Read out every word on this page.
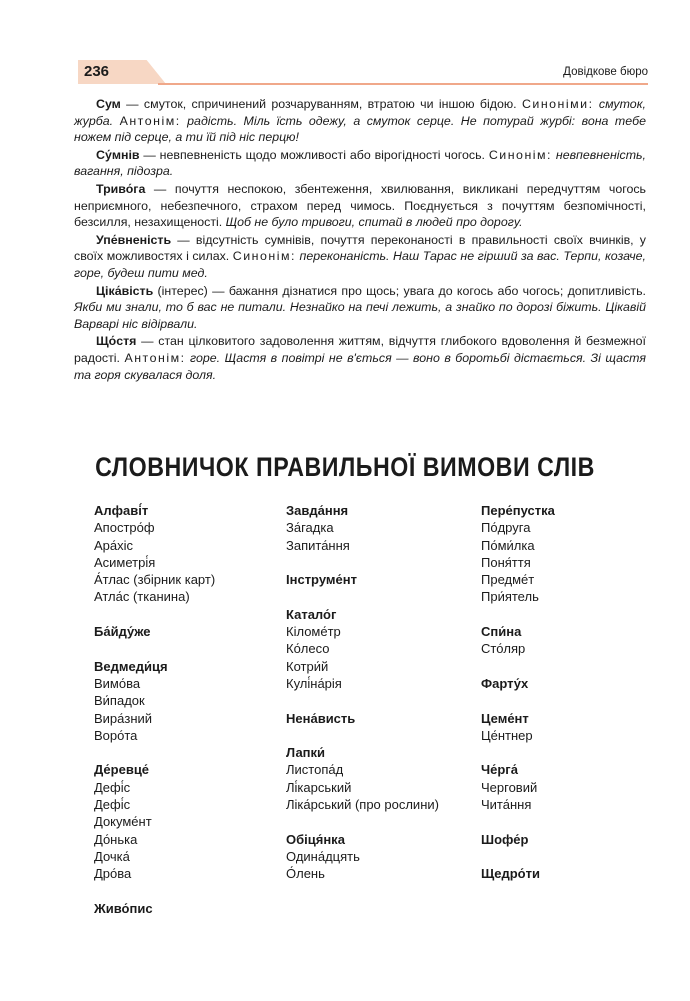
236	Довідкове бюро

Сум — смуток, спричинений розчаруванням, втратою чи іншою бідою. Синоніми: смуток, журба. Антонім: радість. Міль їсть одежу, а смуток серце. Не потурай журбі: вона тебе ножем під серце, а ти їй під ніс перцю!

Су́мнів — невпевненість щодо можливості або вірогідності чогось. Синонім: невпевненість, вагання, підозра.

Триво́га — почуття неспокою, збентеження, хвилювання, викликані передчуттям чогось неприємного, небезпечного, страхом перед чимось. Поєднується з почуттям безпомічності, безсилля, незахищеності. Щоб не було тривоги, спитай в людей про дорогу.

Упе́вненість — відсутність сумнівів, почуття переконаності в правильності своїх вчинків, у своїх можливостях і силах. Синонім: переконаність. Наш Тарас не гірший за вас. Терпи, козаче, горе, будеш пити мед.

Ціка́вість (інтерес) — бажання дізнатися про щось; увага до когось або чогось; допитливість. Якби ми знали, то б вас не питали. Незнайко на печі лежить, а знайко по дорозі біжить. Цікавій Варварі ніс відірвали.

Що́стя — стан цілковитого задоволення життям, відчуття глибокого вдоволення й безмежної радості. Антонім: горе. Щастя в повітрі не в'ється — воно в боротьбі дістається. Зі щастя та горя скувалася доля.

СЛОВНИЧОК ПРАВИЛЬНОЇ ВИМОВИ СЛІВ
Алфаві́т
Апостро́ф
Ара́хіс
Асиметрі́я
А́тлас (збірник карт)
Атла́с (тканина)
Ба́йду́же
Ведмеди́ця
Вимо́ва
Ви́падок
Вира́зний
Воро́та
Де́ревце́
Дефі́с
Дефі́с
Докуме́нт
До́нька
Дочка́
Дро́ва
Живо́пис
Завда́ння
За́гадка
Запита́ння
Інструме́нт
Катало́г
Кіломе́тр
Ко́лесо
Котри́й
Кулі́на́рія
Нена́висть
Лапки́
Листопа́д
Лі́карський
Ліка́рський (про рослини)
Обіця́нка
Одина́дцять
О́лень
Пере́пустка
По́друга
По́ми́лка
Поня́ття
Предме́т
При́ятель
Спи́на
Сто́ляр
Фарту́х
Цеме́нт
Це́нтнер
Че́рга́
Черговий
Чита́ння
Шофе́р
Щедро́ти
